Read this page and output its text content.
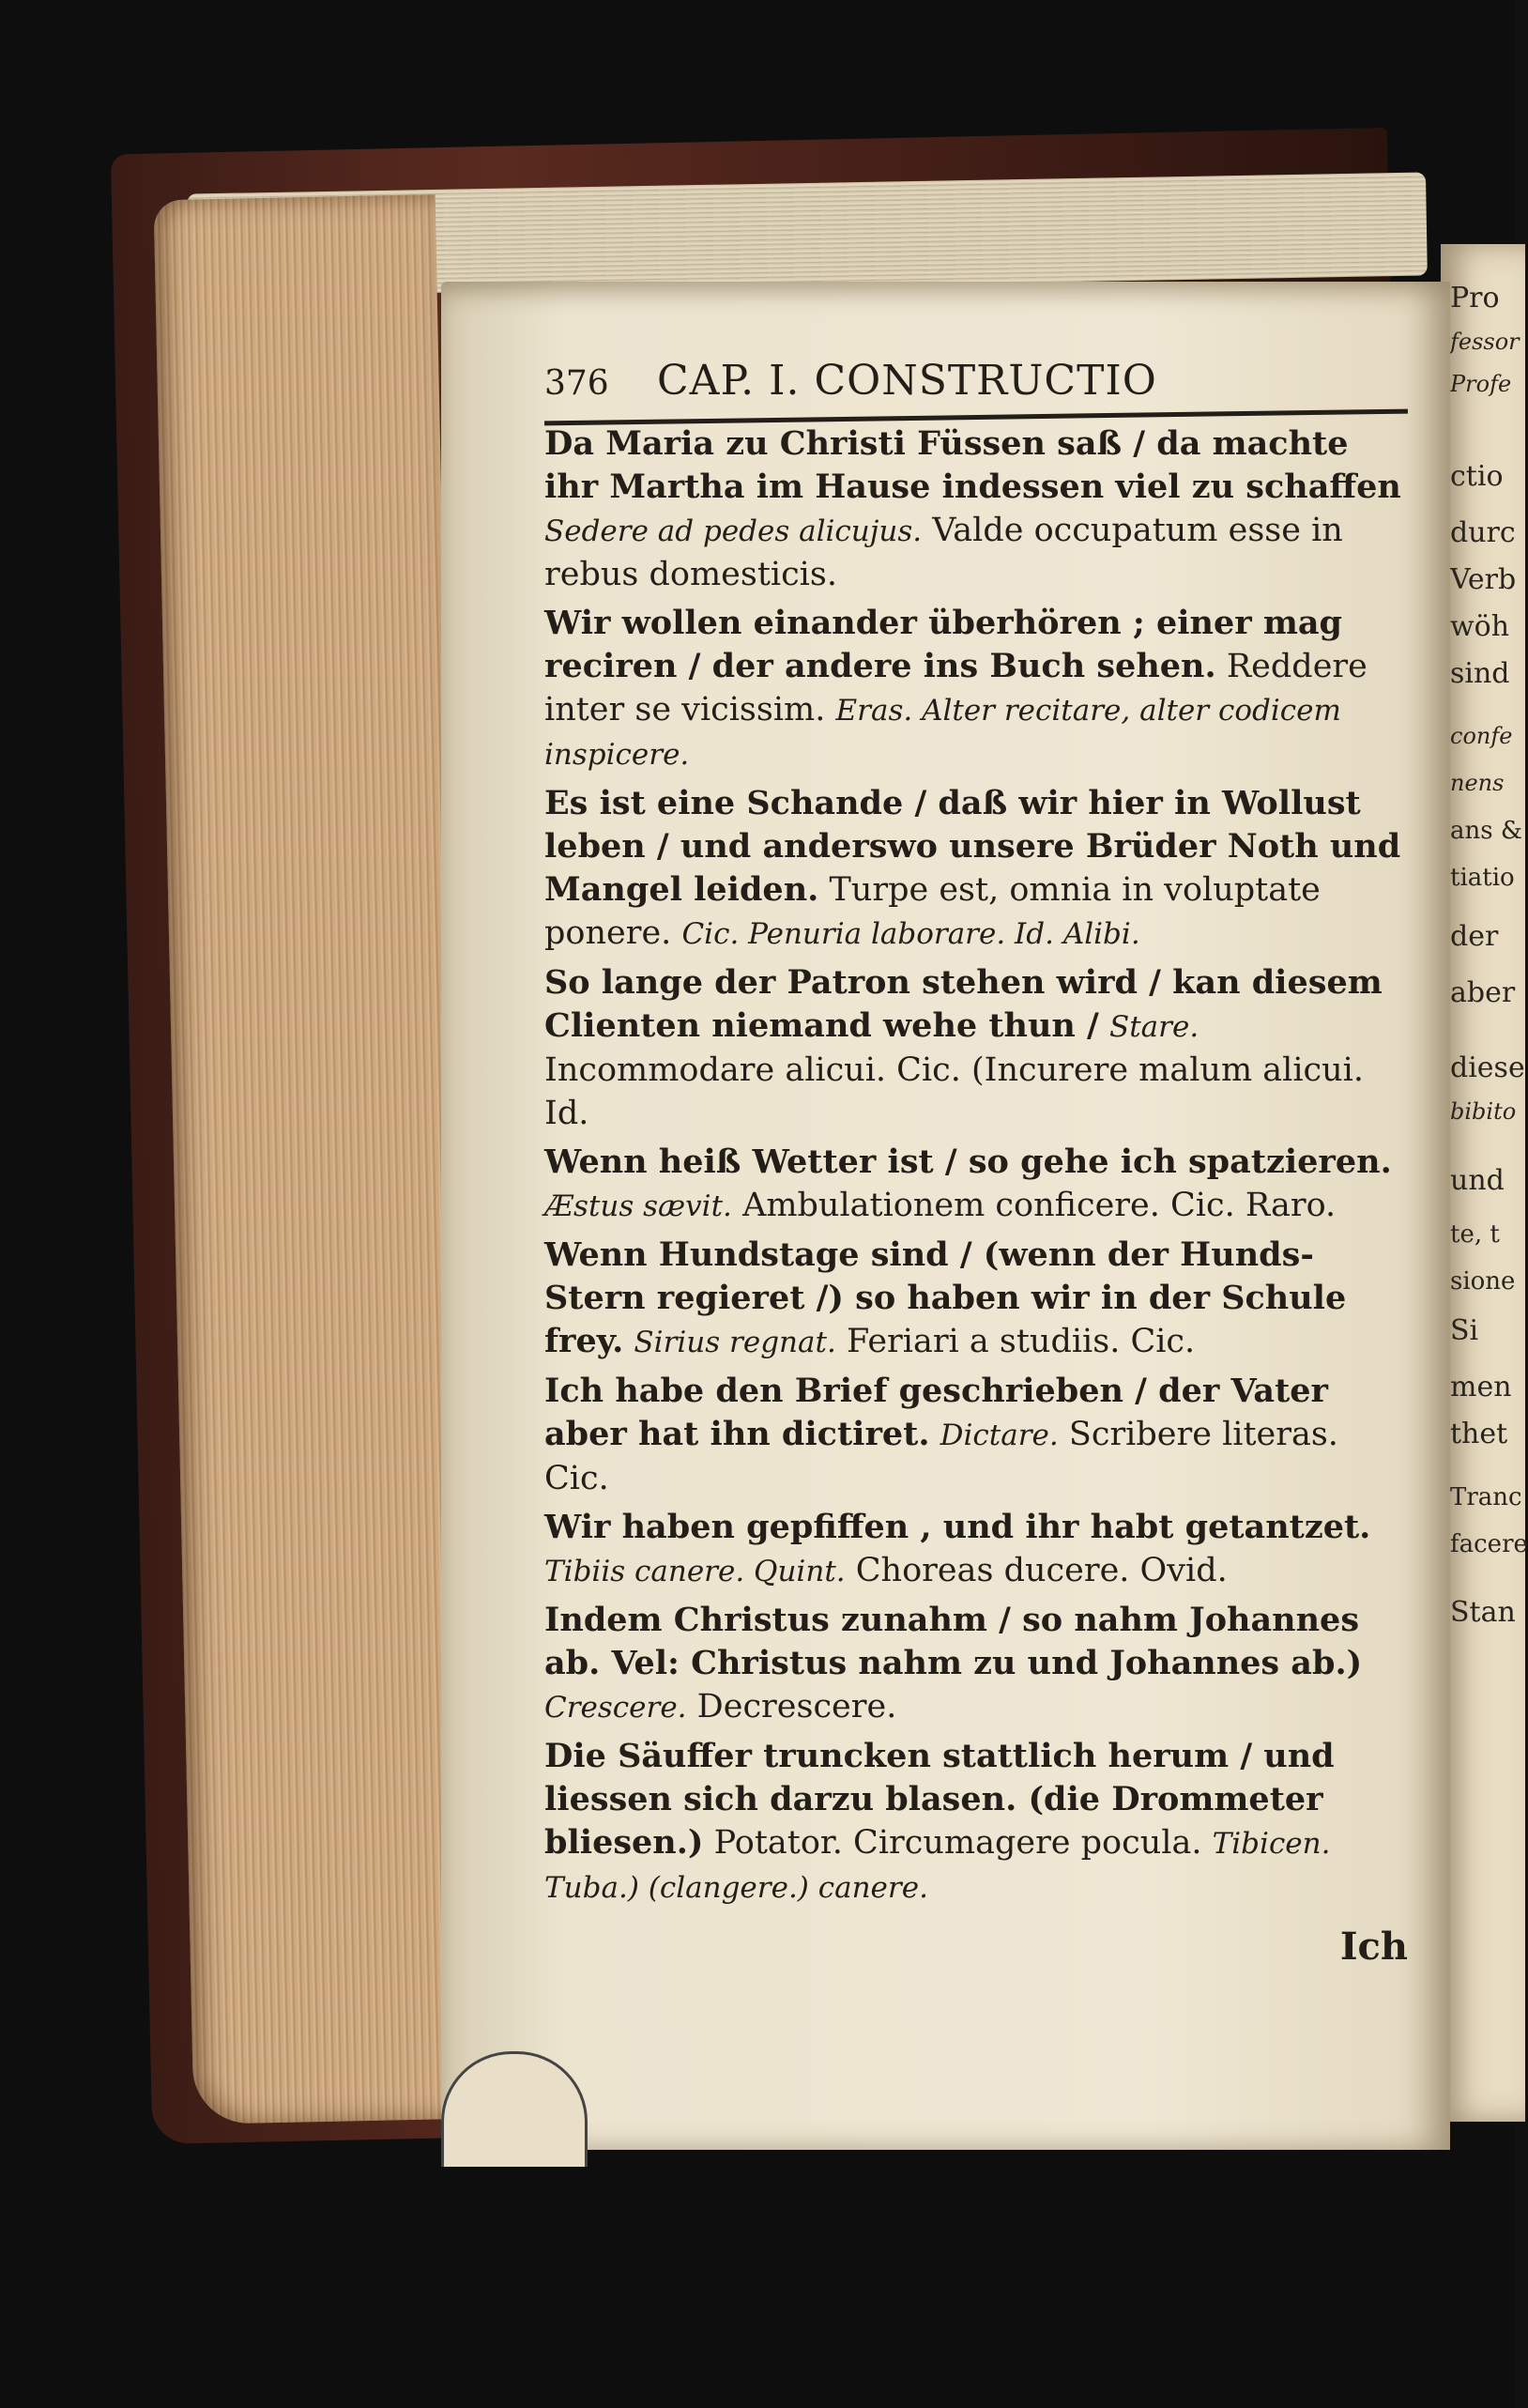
Pro
fessor
Profe
ctio
durc
Verb
wöh
sind
confe
nens
ans &
tiatio
der
aber
diese
bibito
und
te, t
sione
Si
men
thet
Tranc
facere
Stan
376	CAP. I. CONSTRUCTIO

Da Maria zu Christi Füssen saß / da machte ihr Martha im Hause indessen viel zu schaffen Sedere ad pedes alicujus. Valde occupatum esse in rebus domesticis.

Wir wollen einander überhören ; einer mag reciren / der andere ins Buch sehen. Reddere inter se vicissim. Eras. Alter recitare, alter codicem inspicere.

Es ist eine Schande / daß wir hier in Wollust leben / und anderswo unsere Brüder Noth und Mangel leiden. Turpe est, omnia in voluptate ponere. Cic. Penuria laborare. Id. Alibi.

So lange der Patron stehen wird / kan diesem Clienten niemand wehe thun / Stare. Incommodare alicui. Cic. (Incurere malum alicui. Id.

Wenn heiß Wetter ist / so gehe ich spatzieren. Æstus sævit. Ambulationem conficere. Cic. Raro.

Wenn Hundstage sind / (wenn der Hunds-Stern regieret /) so haben wir in der Schule frey. Sirius regnat. Feriari a studiis. Cic.

Ich habe den Brief geschrieben / der Vater aber hat ihn dictiret. Dictare. Scribere literas. Cic.

Wir haben gepfiffen , und ihr habt getantzet. Tibiis canere. Quint. Choreas ducere. Ovid.

Indem Christus zunahm / so nahm Johannes ab. Vel: Christus nahm zu und Johannes ab.) Crescere. Decrescere.

Die Säuffer truncken stattlich herum / und liessen sich darzu blasen. (die Drommeter bliesen.) Potator. Circumagere pocula. Tibicen. Tuba.) (clangere.) canere.

Ich
